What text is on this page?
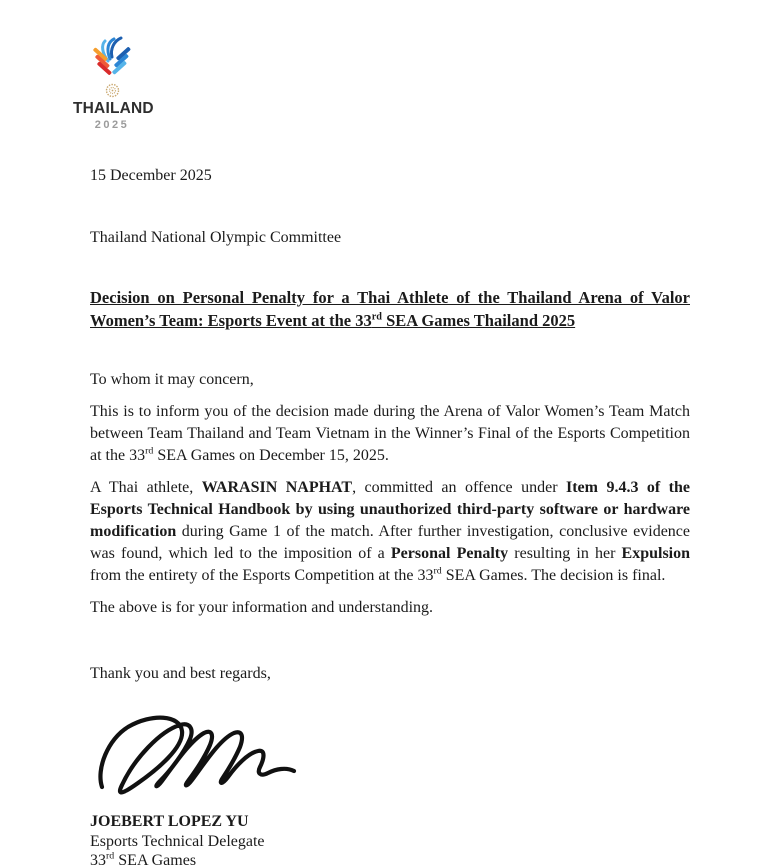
THAILAND
2025
15 December 2025
Thailand National Olympic Committee
Decision on Personal Penalty for a Thai Athlete of the Thailand Arena of Valor Women’s Team: Esports Event at the 33rd SEA Games Thailand 2025
To whom it may concern,

This is to inform you of the decision made during the Arena of Valor Women’s Team Match between Team Thailand and Team Vietnam in the Winner’s Final of the Esports Competition at the 33rd SEA Games on December 15, 2025.

A Thai athlete, WARASIN NAPHAT, committed an offence under Item 9.4.3 of the Esports Technical Handbook by using unauthorized third-party software or hardware modification during Game 1 of the match. After further investigation, conclusive evidence was found, which led to the imposition of a Personal Penalty resulting in her Expulsion from the entirety of the Esports Competition at the 33rd SEA Games. The decision is final.

The above is for your information and understanding.

Thank you and best regards,
JOEBERT LOPEZ YU
Esports Technical Delegate
33rd SEA Games
